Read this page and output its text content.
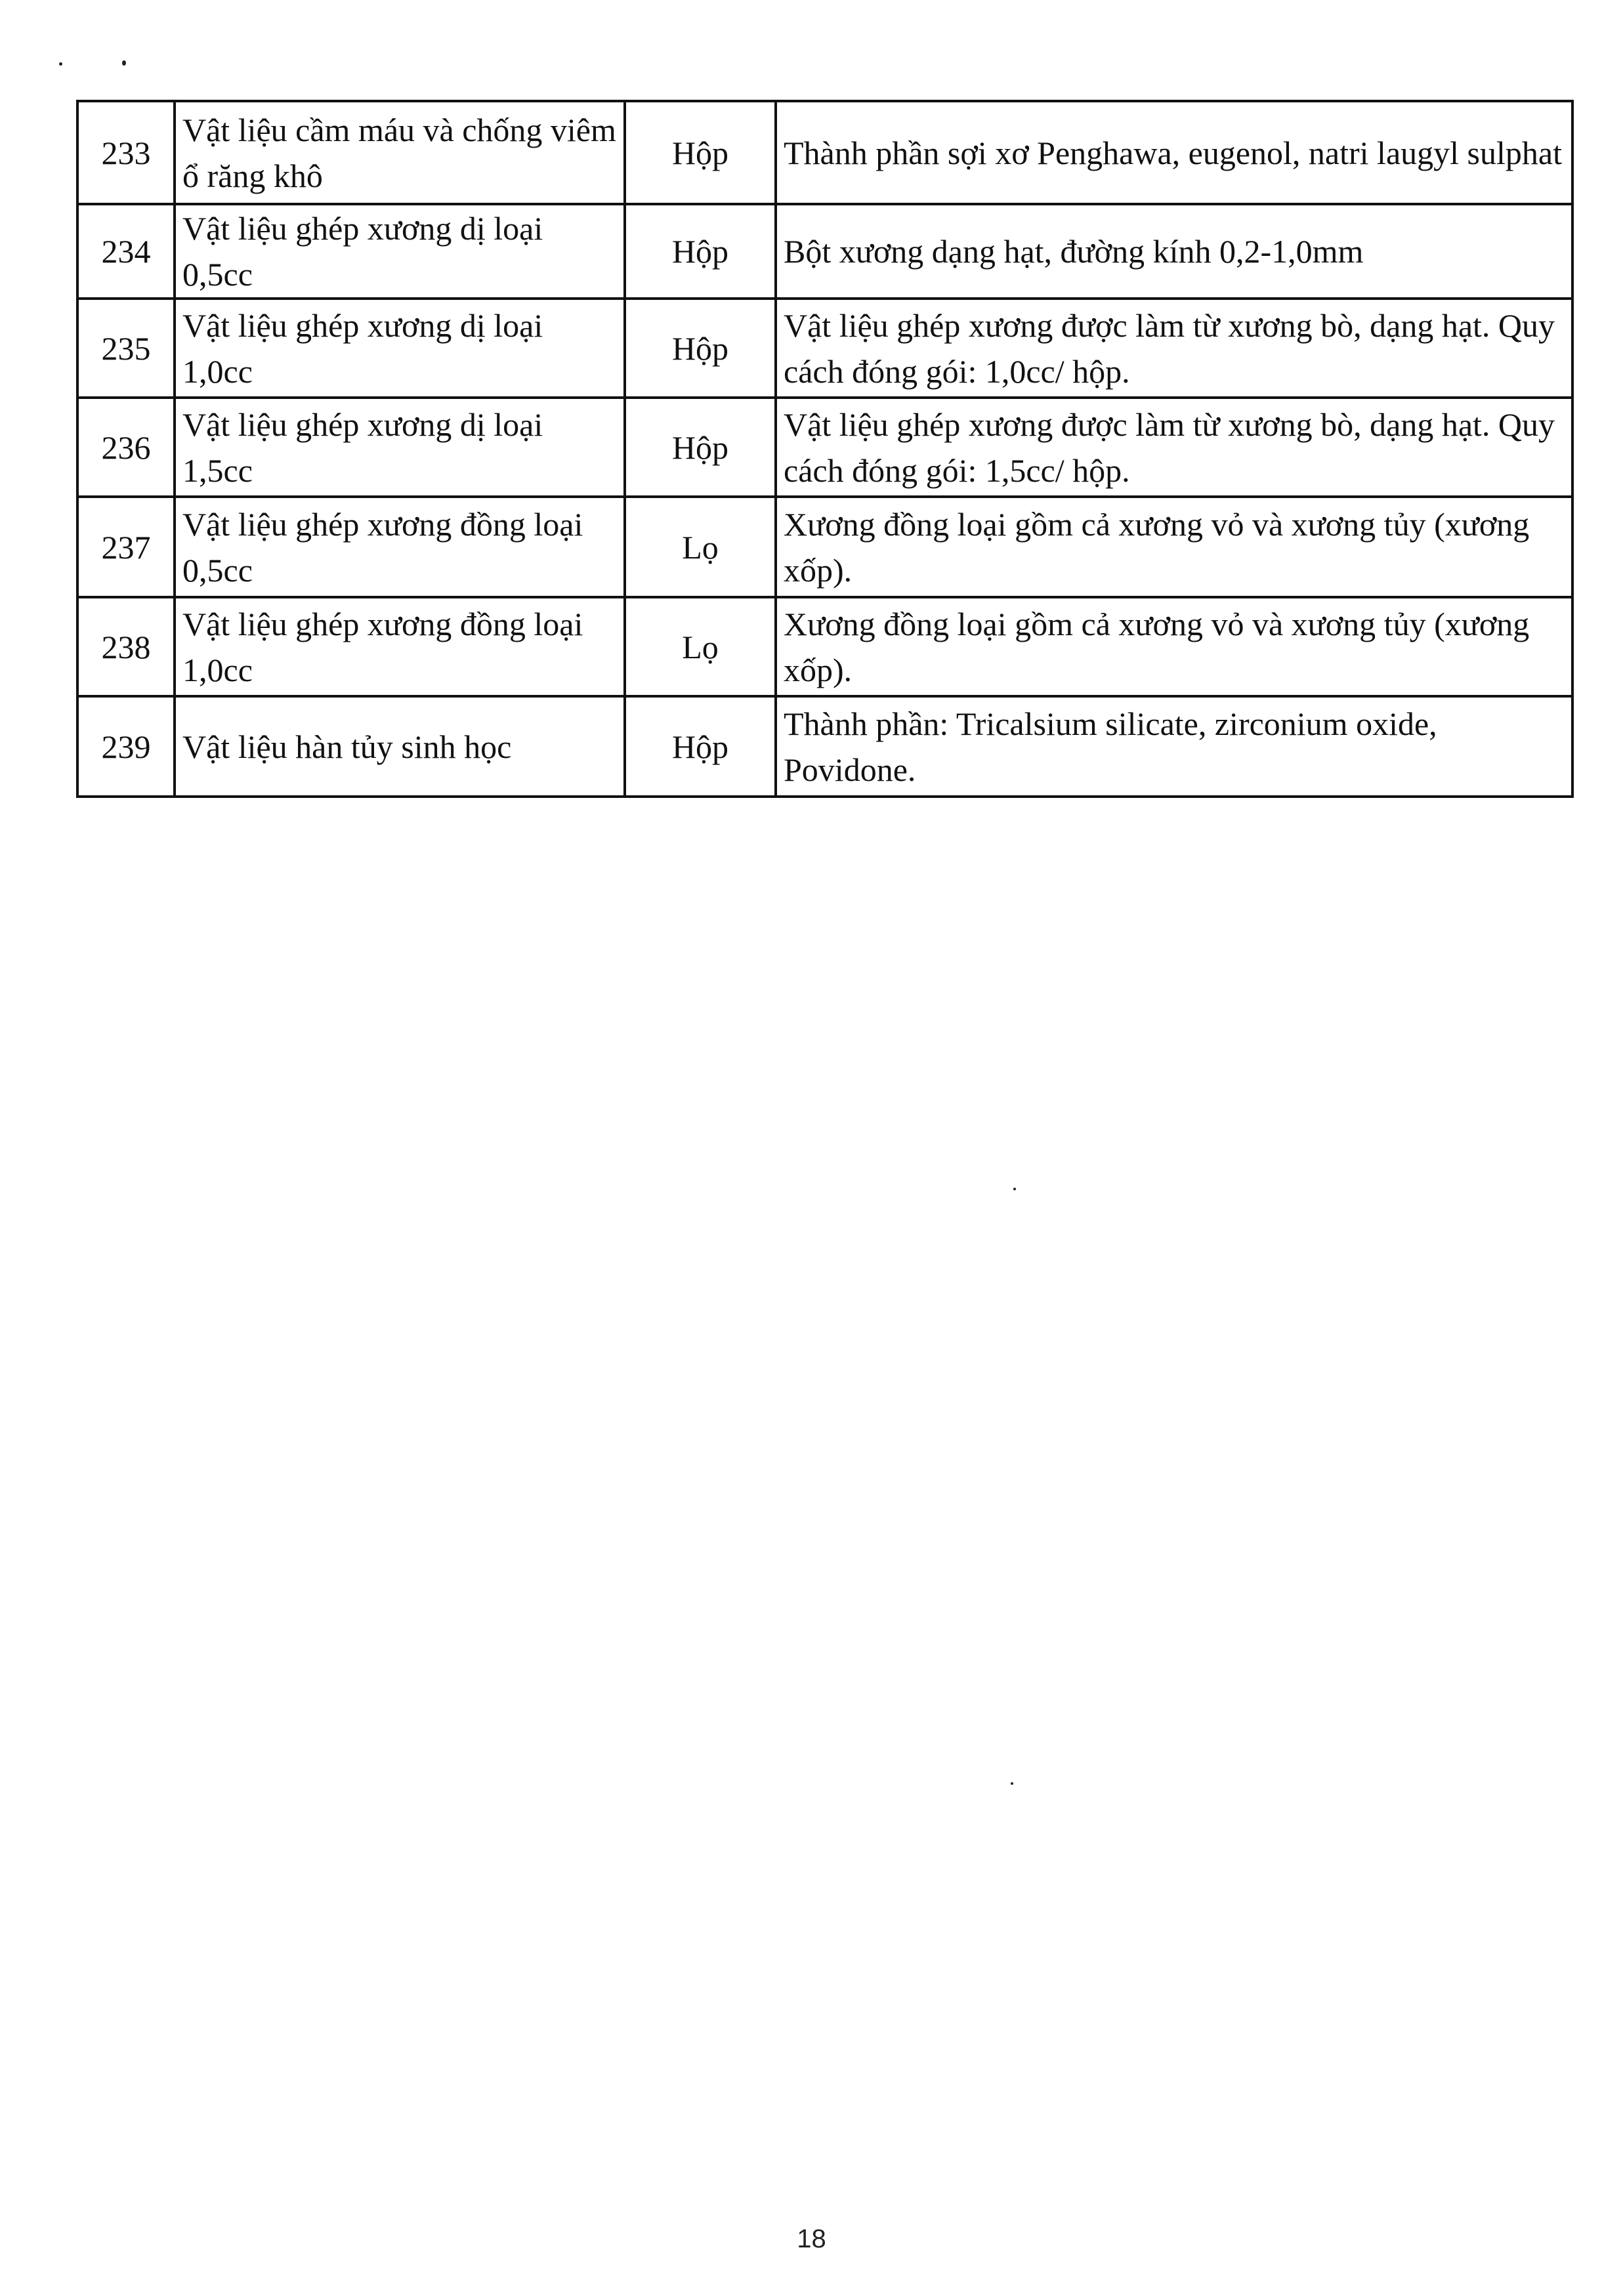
233	Vật liệu cầm máu và chống viêm ổ răng khô	Hộp	Thành phần sợi xơ Penghawa, eugenol, natri laugyl sulphat
234	Vật liệu ghép xương dị loại 0,5cc	Hộp	Bột xương dạng hạt, đường kính 0,2-1,0mm
235	Vật liệu ghép xương dị loại 1,0cc	Hộp	Vật liệu ghép xương được làm từ xương bò, dạng hạt. Quy cách đóng gói: 1,0cc/ hộp.
236	Vật liệu ghép xương dị loại 1,5cc	Hộp	Vật liệu ghép xương được làm từ xương bò, dạng hạt. Quy cách đóng gói: 1,5cc/ hộp.
237	Vật liệu ghép xương đồng loại 0,5cc	Lọ	Xương đồng loại gồm cả xương vỏ và xương tủy (xương xốp).
238	Vật liệu ghép xương đồng loại 1,0cc	Lọ	Xương đồng loại gồm cả xương vỏ và xương tủy (xương xốp).
239	Vật liệu hàn tủy sinh học	Hộp	Thành phần: Tricalsium silicate, zirconium oxide, Povidone.
18
